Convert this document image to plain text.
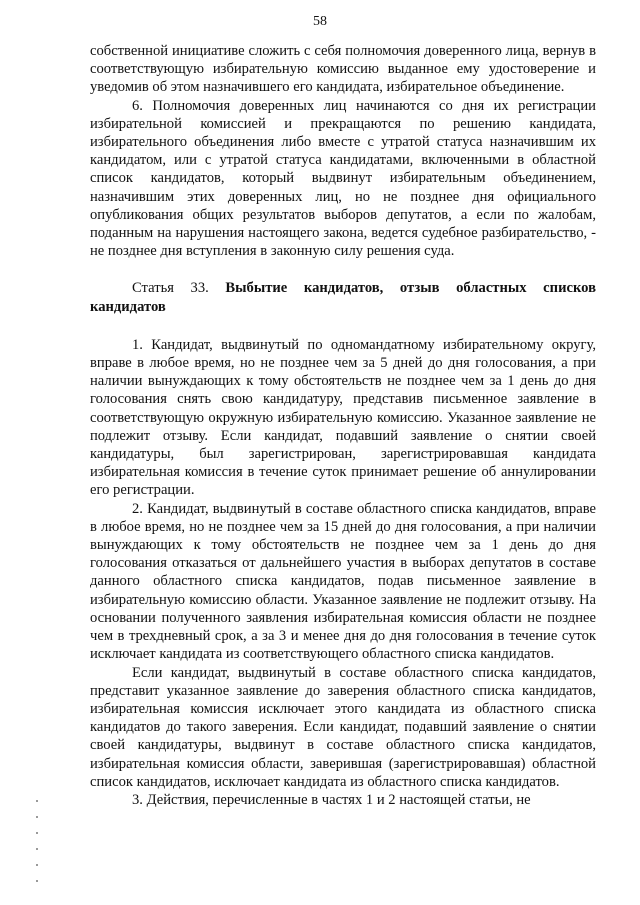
58

собственной инициативе сложить с себя полномочия доверенного лица, вернув в соответствующую избирательную комиссию выданное ему удостоверение и уведомив об этом назначившего его кандидата, избирательное объединение.

6. Полномочия доверенных лиц начинаются со дня их регистрации избирательной комиссией и прекращаются по решению кандидата, избирательного объединения либо вместе с утратой статуса назначившим их кандидатом, или с утратой статуса кандидатами, включенными в областной список кандидатов, который выдвинут избирательным объединением, назначившим этих доверенных лиц, но не позднее дня официального опубликования общих результатов выборов депутатов, а если по жалобам, поданным на нарушения настоящего закона, ведется судебное разбирательство, - не позднее дня вступления в законную силу решения суда.

Статья 33. Выбытие кандидатов, отзыв областных списков кандидатов

1. Кандидат, выдвинутый по одномандатному избирательному округу, вправе в любое время, но не позднее чем за 5 дней до дня голосования, а при наличии вынуждающих к тому обстоятельств не позднее чем за 1 день до дня голосования снять свою кандидатуру, представив письменное заявление в соответствующую окружную избирательную комиссию. Указанное заявление не подлежит отзыву. Если кандидат, подавший заявление о снятии своей кандидатуры, был зарегистрирован, зарегистрировавшая кандидата избирательная комиссия в течение суток принимает решение об аннулировании его регистрации.

2. Кандидат, выдвинутый в составе областного списка кандидатов, вправе в любое время, но не позднее чем за 15 дней до дня голосования, а при наличии вынуждающих к тому обстоятельств не позднее чем за 1 день до дня голосования отказаться от дальнейшего участия в выборах депутатов в составе данного областного списка кандидатов, подав письменное заявление в избирательную комиссию области. Указанное заявление не подлежит отзыву. На основании полученного заявления избирательная комиссия области не позднее чем в трехдневный срок, а за 3 и менее дня до дня голосования в течение суток исключает кандидата из соответствующего областного списка кандидатов.

Если кандидат, выдвинутый в составе областного списка кандидатов, представит указанное заявление до заверения областного списка кандидатов, избирательная комиссия исключает этого кандидата из областного списка кандидатов до такого заверения. Если кандидат, подавший заявление о снятии своей кандидатуры, выдвинут в составе областного списка кандидатов, избирательная комиссия области, заверившая (зарегистрировавшая) областной список кандидатов, исключает кандидата из областного списка кандидатов.

3. Действия, перечисленные в частях 1 и 2 настоящей статьи, не
